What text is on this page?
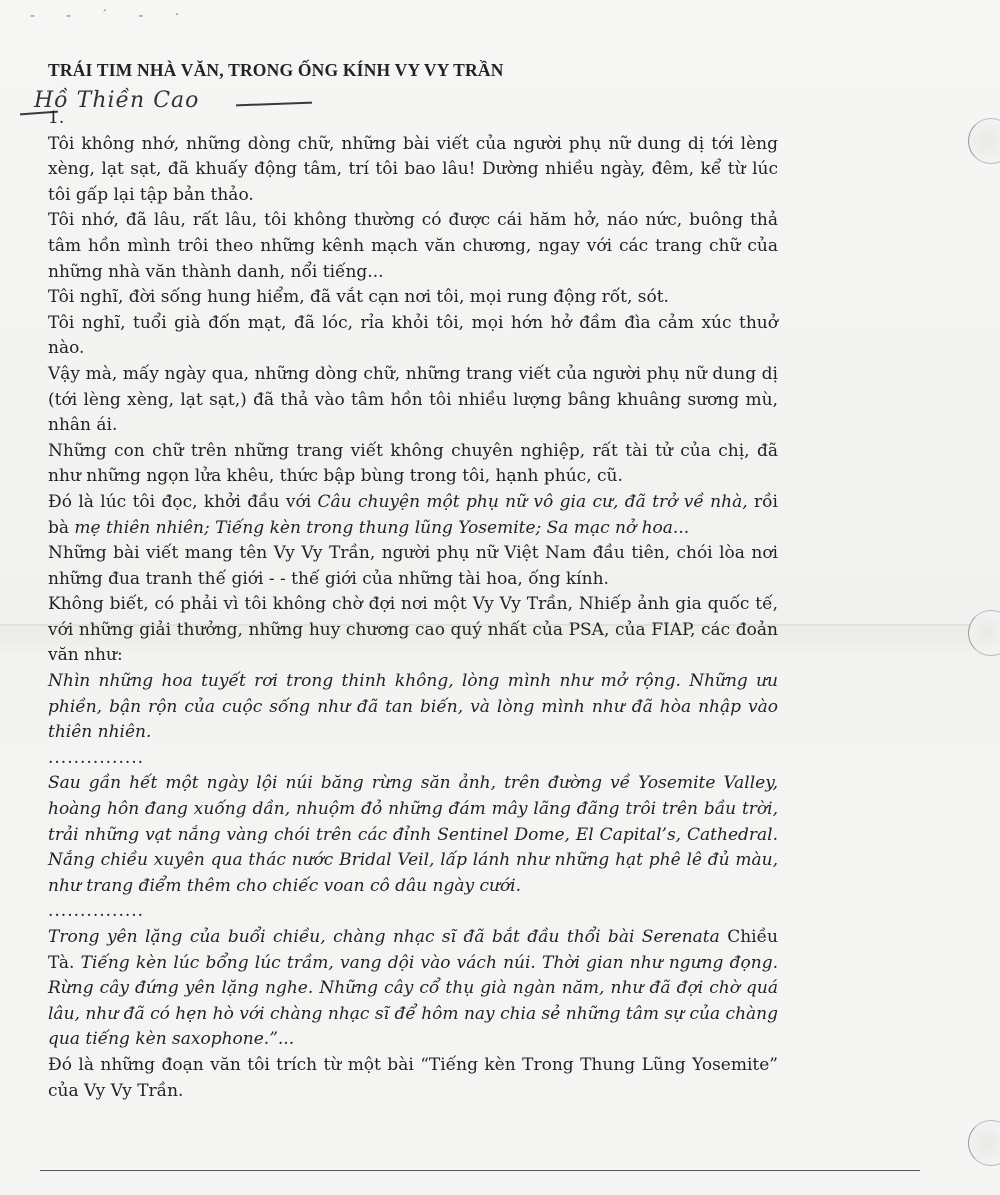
- - ´ - ·
TRÁI TIM NHÀ VĂN, TRONG ỐNG KÍNH VY VY TRẦN
Hồ Thiền Cao

1.

Tôi không nhớ, những dòng chữ, những bài viết của người phụ nữ dung dị tới lèng xèng, lạt sạt, đã khuấy động tâm, trí tôi bao lâu! Dường nhiều ngày, đêm, kể từ lúc tôi gấp lại tập bản thảo.

Tôi nhớ, đã lâu, rất lâu, tôi không thường có được cái hăm hở, náo nức, buông thả tâm hồn mình trôi theo những kênh mạch văn chương, ngay với các trang chữ của những nhà văn thành danh, nổi tiếng...

Tôi nghĩ, đời sống hung hiểm, đã vắt cạn nơi tôi, mọi rung động rốt, sót.

Tôi nghĩ, tuổi già đốn mạt, đã lóc, rỉa khỏi tôi, mọi hớn hở đầm đìa cảm xúc thuở nào.

Vậy mà, mấy ngày qua, những dòng chữ, những trang viết của người phụ nữ dung dị (tới lèng xèng, lạt sạt,) đã thả vào tâm hồn tôi nhiều lượng bâng khuâng sương mù, nhân ái.

Những con chữ trên những trang viết không chuyên nghiệp, rất tài tử của chị, đã như những ngọn lửa khêu, thức bập bùng trong tôi, hạnh phúc, cũ.

Đó là lúc tôi đọc, khởi đầu với Câu chuyện một phụ nữ vô gia cư, đã trở về nhà, rồi bà mẹ thiên nhiên; Tiếng kèn trong thung lũng Yosemite; Sa mạc nở hoa...

Những bài viết mang tên Vy Vy Trần, người phụ nữ Việt Nam đầu tiên, chói lòa nơi những đua tranh thế giới - - thế giới của những tài hoa, ống kính.

Không biết, có phải vì tôi không chờ đợi nơi một Vy Vy Trần, Nhiếp ảnh gia quốc tế, với những giải thưởng, những huy chương cao quý nhất của PSA, của FIAP, các đoản văn như:

Nhìn những hoa tuyết rơi trong thinh không, lòng mình như mở rộng. Những ưu phiền, bận rộn của cuộc sống như đã tan biến, và lòng mình như đã hòa nhập vào thiên nhiên.

...............

Sau gần hết một ngày lội núi băng rừng săn ảnh, trên đường về Yosemite Valley, hoàng hôn đang xuống dần, nhuộm đỏ những đám mây lãng đãng trôi trên bầu trời, trải những vạt nắng vàng chói trên các đỉnh Sentinel Dome, El Capital’s, Cathedral. Nắng chiều xuyên qua thác nước Bridal Veil, lấp lánh như những hạt phê lê đủ màu, như trang điểm thêm cho chiếc voan cô dâu ngày cưới.

...............

Trong yên lặng của buổi chiều, chàng nhạc sĩ đã bắt đầu thổi bài Serenata Chiều Tà. Tiếng kèn lúc bổng lúc trầm, vang dội vào vách núi. Thời gian như ngưng đọng. Rừng cây đứng yên lặng nghe. Những cây cổ thụ già ngàn năm, như đã đợi chờ quá lâu, như đã có hẹn hò với chàng nhạc sĩ để hôm nay chia sẻ những tâm sự của chàng qua tiếng kèn saxophone.”...

Đó là những đoạn văn tôi trích từ một bài “Tiếng kèn Trong Thung Lũng Yosemite” của Vy Vy Trần.
